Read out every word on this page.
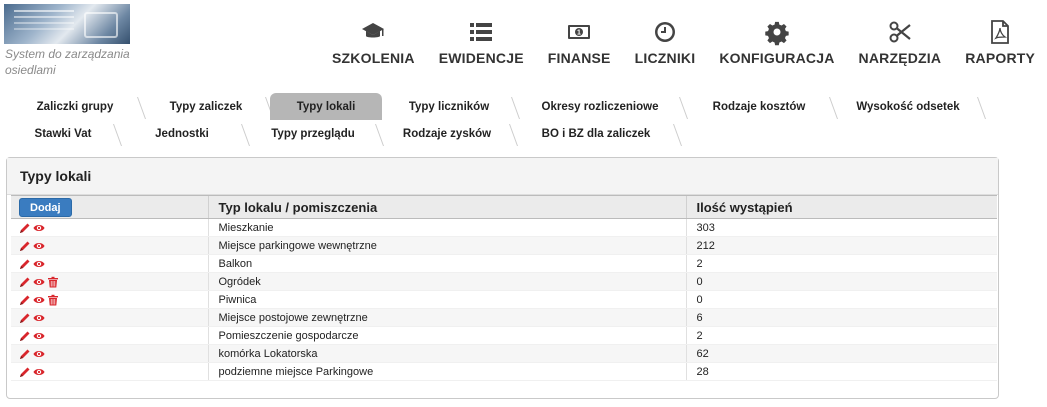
System do zarządzania osiedlami
SZKOLENIA EWIDENCJE
1
FINANSE LICZNIKI KONFIGURACJA NARZĘDZIA RAPORTY
Zaliczki grupy	Typy zaliczek	Typy lokali	Typy liczników	Okresy rozliczeniowe	Rodzaje kosztów	Wysokość odsetek
Stawki Vat	Jednostki	Typy przeglądu	Rodzaje zysków	BO i BZ dla zaliczek
Typy lokali
Dodaj	Typ lokalu / pomiszczenia	Ilość wystąpień
	Mieszkanie	303
	Miejsce parkingowe wewnętrzne	212
	Balkon	2
	Ogródek	0
	Piwnica	0
	Miejsce postojowe zewnętrzne	6
	Pomieszczenie gospodarcze	2
	komórka Lokatorska	62
	podziemne miejsce Parkingowe	28
